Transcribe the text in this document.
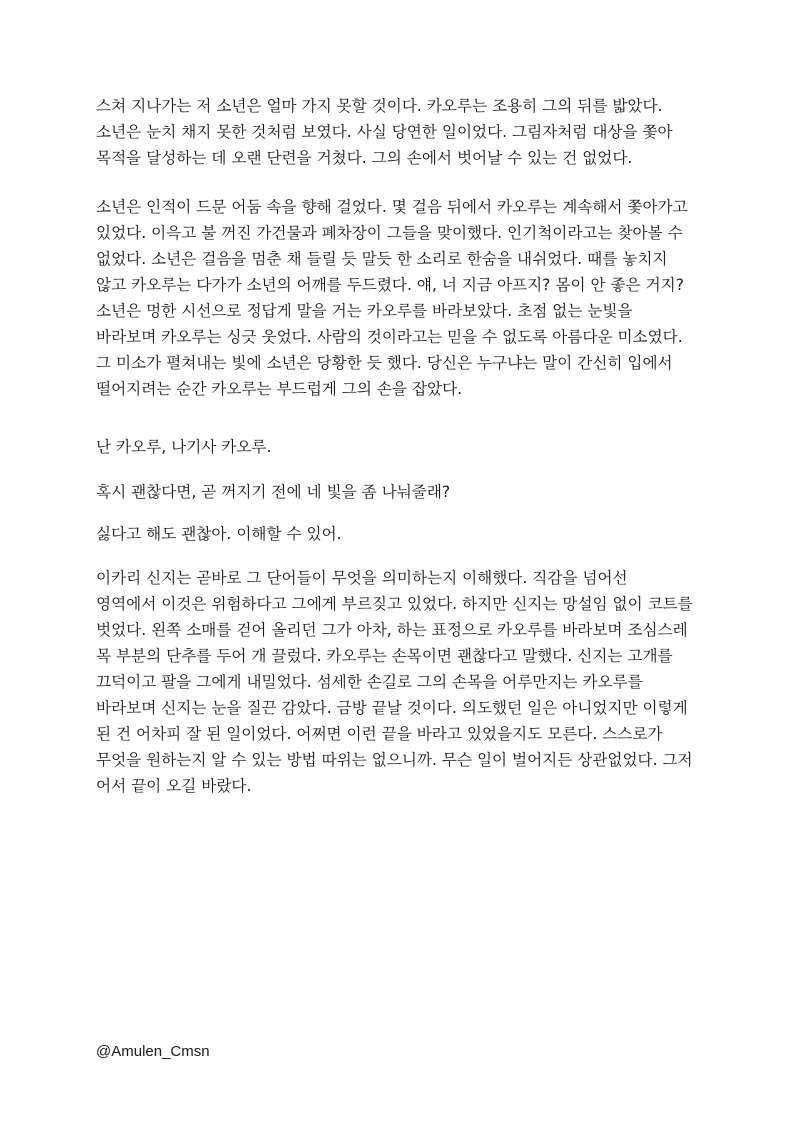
스쳐 지나가는 저 소년은 얼마 가지 못할 것이다. 카오루는 조용히 그의 뒤를 밟았다.
소년은 눈치 채지 못한 것처럼 보였다. 사실 당연한 일이었다. 그림자처럼 대상을 쫓아
목적을 달성하는 데 오랜 단련을 거쳤다. 그의 손에서 벗어날 수 있는 건 없었다.

소년은 인적이 드문 어둠 속을 향해 걸었다. 몇 걸음 뒤에서 카오루는 계속해서 쫓아가고
있었다. 이윽고 불 꺼진 가건물과 폐차장이 그들을 맞이했다. 인기척이라고는 찾아볼 수
없었다. 소년은 걸음을 멈춘 채 들릴 듯 말듯 한 소리로 한숨을 내쉬었다. 때를 놓치지
않고 카오루는 다가가 소년의 어깨를 두드렸다. 얘, 너 지금 아프지? 몸이 안 좋은 거지?
소년은 멍한 시선으로 정답게 말을 거는 카오루를 바라보았다. 초점 없는 눈빛을
바라보며 카오루는 싱긋 웃었다. 사람의 것이라고는 믿을 수 없도록 아름다운 미소였다.
그 미소가 펼쳐내는 빛에 소년은 당황한 듯 했다. 당신은 누구냐는 말이 간신히 입에서
떨어지려는 순간 카오루는 부드럽게 그의 손을 잡았다.

난 카오루, 나기사 카오루.

혹시 괜찮다면, 곧 꺼지기 전에 네 빛을 좀 나눠줄래?

싫다고 해도 괜찮아. 이해할 수 있어.

이카리 신지는 곧바로 그 단어들이 무엇을 의미하는지 이해했다. 직감을 넘어선
영역에서 이것은 위험하다고 그에게 부르짖고 있었다. 하지만 신지는 망설임 없이 코트를
벗었다. 왼쪽 소매를 걷어 올리던 그가 아차, 하는 표정으로 카오루를 바라보며 조심스레
목 부분의 단추를 두어 개 끌렀다. 카오루는 손목이면 괜찮다고 말했다. 신지는 고개를
끄덕이고 팔을 그에게 내밀었다. 섬세한 손길로 그의 손목을 어루만지는 카오루를
바라보며 신지는 눈을 질끈 감았다. 금방 끝날 것이다. 의도했던 일은 아니었지만 이렇게
된 건 어차피 잘 된 일이었다. 어쩌면 이런 끝을 바라고 있었을지도 모른다. 스스로가
무엇을 원하는지 알 수 있는 방법 따위는 없으니까. 무슨 일이 벌어지든 상관없었다. 그저
어서 끝이 오길 바랐다.

@Amulen_Cmsn
